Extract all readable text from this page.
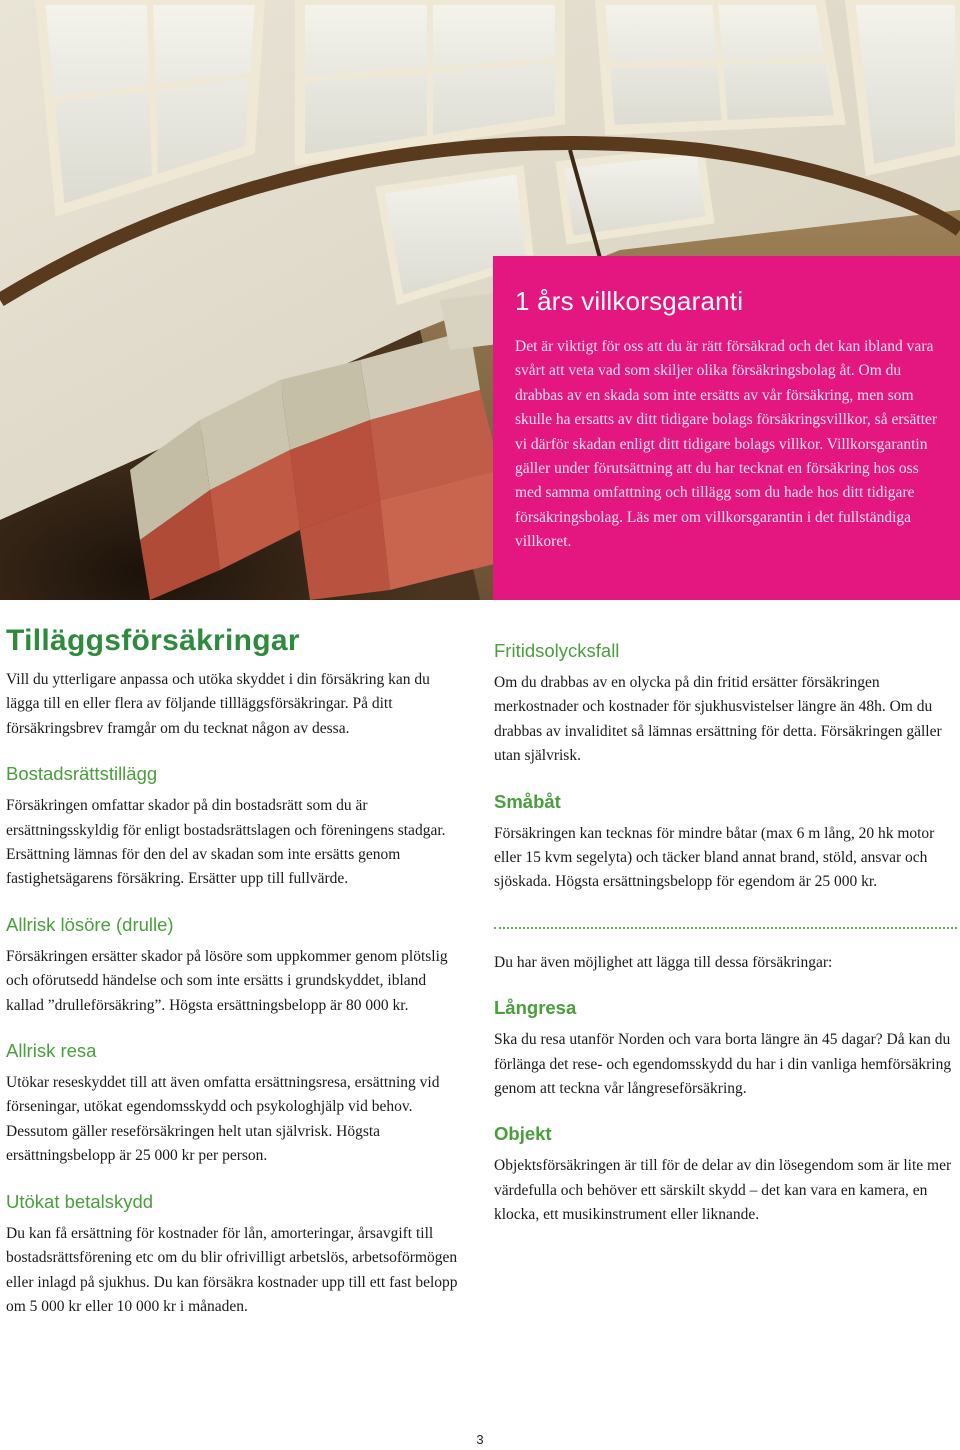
1 års villkorsgaranti

Det är viktigt för oss att du är rätt försäkrad och det kan ibland vara svårt att veta vad som skiljer olika försäkringsbolag åt. Om du drabbas av en skada som inte ersätts av vår försäkring, men som skulle ha ersatts av ditt tidigare bolags försäkringsvillkor, så ersätter vi därför skadan enligt ditt tidigare bolags villkor. Villkorsgarantin gäller under förutsättning att du har tecknat en försäkring hos oss med samma omfattning och tillägg som du hade hos ditt tidigare försäkringsbolag. Läs mer om villkorsgarantin i det fullständiga villkoret.

Tilläggsförsäkringar

Vill du ytterligare anpassa och utöka skyddet i din försäkring kan du lägga till en eller flera av följande tillläggsförsäkringar. På ditt försäkringsbrev framgår om du tecknat någon av dessa.

Bostadsrättstillägg

Försäkringen omfattar skador på din bostadsrätt som du är ersättningsskyldig för enligt bostadsrättslagen och föreningens stadgar. Ersättning lämnas för den del av skadan som inte ersätts genom fastighetsägarens försäkring. Ersätter upp till fullvärde.

Allrisk lösöre (drulle)

Försäkringen ersätter skador på lösöre som uppkommer genom plötslig och oförutsedd händelse och som inte ersätts i grundskyddet, ibland kallad ”drulleförsäkring”. Högsta ersättningsbelopp är 80 000 kr.

Allrisk resa

Utökar reseskyddet till att även omfatta ersättningsresa, ersättning vid förseningar, utökat egendomsskydd och psykologhjälp vid behov. Dessutom gäller reseförsäkringen helt utan självrisk. Högsta ersättningsbelopp är 25 000 kr per person.

Utökat betalskydd

Du kan få ersättning för kostnader för lån, amorteringar, årsavgift till bostadsrättsförening etc om du blir ofrivilligt arbetslös, arbetsoförmögen eller inlagd på sjukhus. Du kan försäkra kostnader upp till ett fast belopp om 5 000 kr eller 10 000 kr i månaden.

Fritidsolycksfall

Om du drabbas av en olycka på din fritid ersätter försäkringen merkostnader och kostnader för sjukhusvistelser längre än 48h. Om du drabbas av invaliditet så lämnas ersättning för detta. Försäkringen gäller utan självrisk.

Småbåt

Försäkringen kan tecknas för mindre båtar (max 6 m lång, 20 hk motor eller 15 kvm segelyta) och täcker bland annat brand, stöld, ansvar och sjöskada. Högsta ersättningsbelopp för egendom är 25 000 kr.

Du har även möjlighet att lägga till dessa försäkringar:

Långresa

Ska du resa utanför Norden och vara borta längre än 45 dagar? Då kan du förlänga det rese- och egendomsskydd du har i din vanliga hemförsäkring genom att teckna vår långreseförsäkring.

Objekt

Objektsförsäkringen är till för de delar av din lösegendom som är lite mer värdefulla och behöver ett särskilt skydd – det kan vara en kamera, en klocka, ett musikinstrument eller liknande.

3
